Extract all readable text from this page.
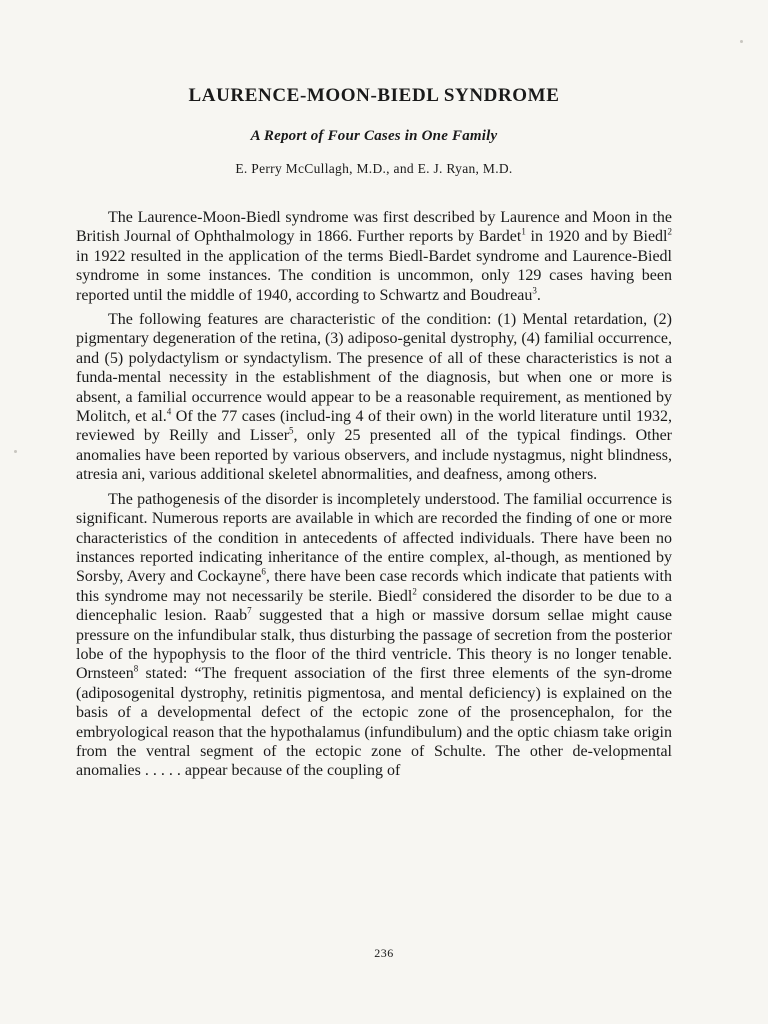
LAURENCE-MOON-BIEDL SYNDROME

A Report of Four Cases in One Family

E. Perry McCullagh, M.D., and E. J. Ryan, M.D.

The Laurence-Moon-Biedl syndrome was first described by Laurence and Moon in the British Journal of Ophthalmology in 1866. Further reports by Bardet$^1$ in 1920 and by Biedl$^2$ in 1922 resulted in the application of the terms Biedl-Bardet syndrome and Laurence-Biedl syndrome in some instances. The condition is uncommon, only 129 cases having been reported until the middle of 1940, according to Schwartz and Boudreau$^3$.

The following features are characteristic of the condition: (1) Mental retardation, (2) pigmentary degeneration of the retina, (3) adiposo-genital dystrophy, (4) familial occurrence, and (5) polydactylism or syndactylism. The presence of all of these characteristics is not a funda-mental necessity in the establishment of the diagnosis, but when one or more is absent, a familial occurrence would appear to be a reasonable requirement, as mentioned by Molitch, et al.$^4$ Of the 77 cases (includ-ing 4 of their own) in the world literature until 1932, reviewed by Reilly and Lisser$^5$, only 25 presented all of the typical findings. Other anomalies have been reported by various observers, and include nystagmus, night blindness, atresia ani, various additional skeletel abnormalities, and deafness, among others.

The pathogenesis of the disorder is incompletely understood. The familial occurrence is significant. Numerous reports are available in which are recorded the finding of one or more characteristics of the condition in antecedents of affected individuals. There have been no instances reported indicating inheritance of the entire complex, al-though, as mentioned by Sorsby, Avery and Cockayne$^6$, there have been case records which indicate that patients with this syndrome may not necessarily be sterile. Biedl$^2$ considered the disorder to be due to a diencephalic lesion. Raab$^7$ suggested that a high or massive dorsum sellae might cause pressure on the infundibular stalk, thus disturbing the passage of secretion from the posterior lobe of the hypophysis to the floor of the third ventricle. This theory is no longer tenable. Ornsteen$^8$ stated: “The frequent association of the first three elements of the syn-drome (adiposogenital dystrophy, retinitis pigmentosa, and mental deficiency) is explained on the basis of a developmental defect of the ectopic zone of the prosencephalon, for the embryological reason that the hypothalamus (infundibulum) and the optic chiasm take origin from the ventral segment of the ectopic zone of Schulte. The other de-velopmental anomalies . . . . . appear because of the coupling of

236
